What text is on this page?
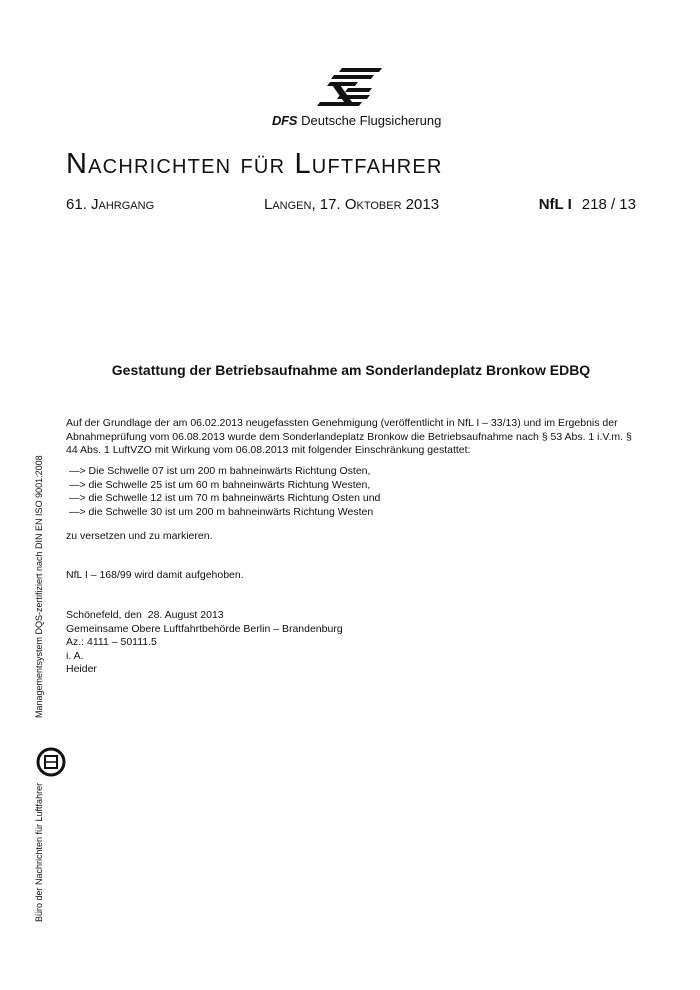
DFS Deutsche Flugsicherung
Nachrichten für Luftfahrer
61. Jahrgang	Langen, 17. Oktober 2013	NfL I 218 / 13
Gestattung der Betriebsaufnahme am Sonderlandeplatz Bronkow EDBQ
Auf der Grundlage der am 06.02.2013 neugefassten Genehmigung (veröffentlicht in NfL I – 33/13) und im Ergebnis der Abnahmeprüfung vom 06.08.2013 wurde dem Sonderlandeplatz Bronkow die Betriebsaufnahme nach § 53 Abs. 1 i.V.m. § 44 Abs. 1 LuftVZO mit Wirkung vom 06.08.2013 mit folgender Einschränkung gestattet:
—> Die Schwelle 07 ist um 200 m bahneinwärts Richtung Osten,
—> die Schwelle 25 ist um 60 m bahneinwärts Richtung Westen,
—> die Schwelle 12 ist um 70 m bahneinwärts Richtung Osten und
—> die Schwelle 30 ist um 200 m bahneinwärts Richtung Westen
zu versetzen und zu markieren.
NfL I – 168/99 wird damit aufgehoben.
Schönefeld, den  28. August 2013
Gemeinsame Obere Luftfahrtbehörde Berlin – Brandenburg
Az.: 4111 – 50111.5
i. A.
Heider
Managementsystem DQS-zertifiziert nach DIN EN ISO 9001:2008
Büro der Nachrichten für Luftfahrer
